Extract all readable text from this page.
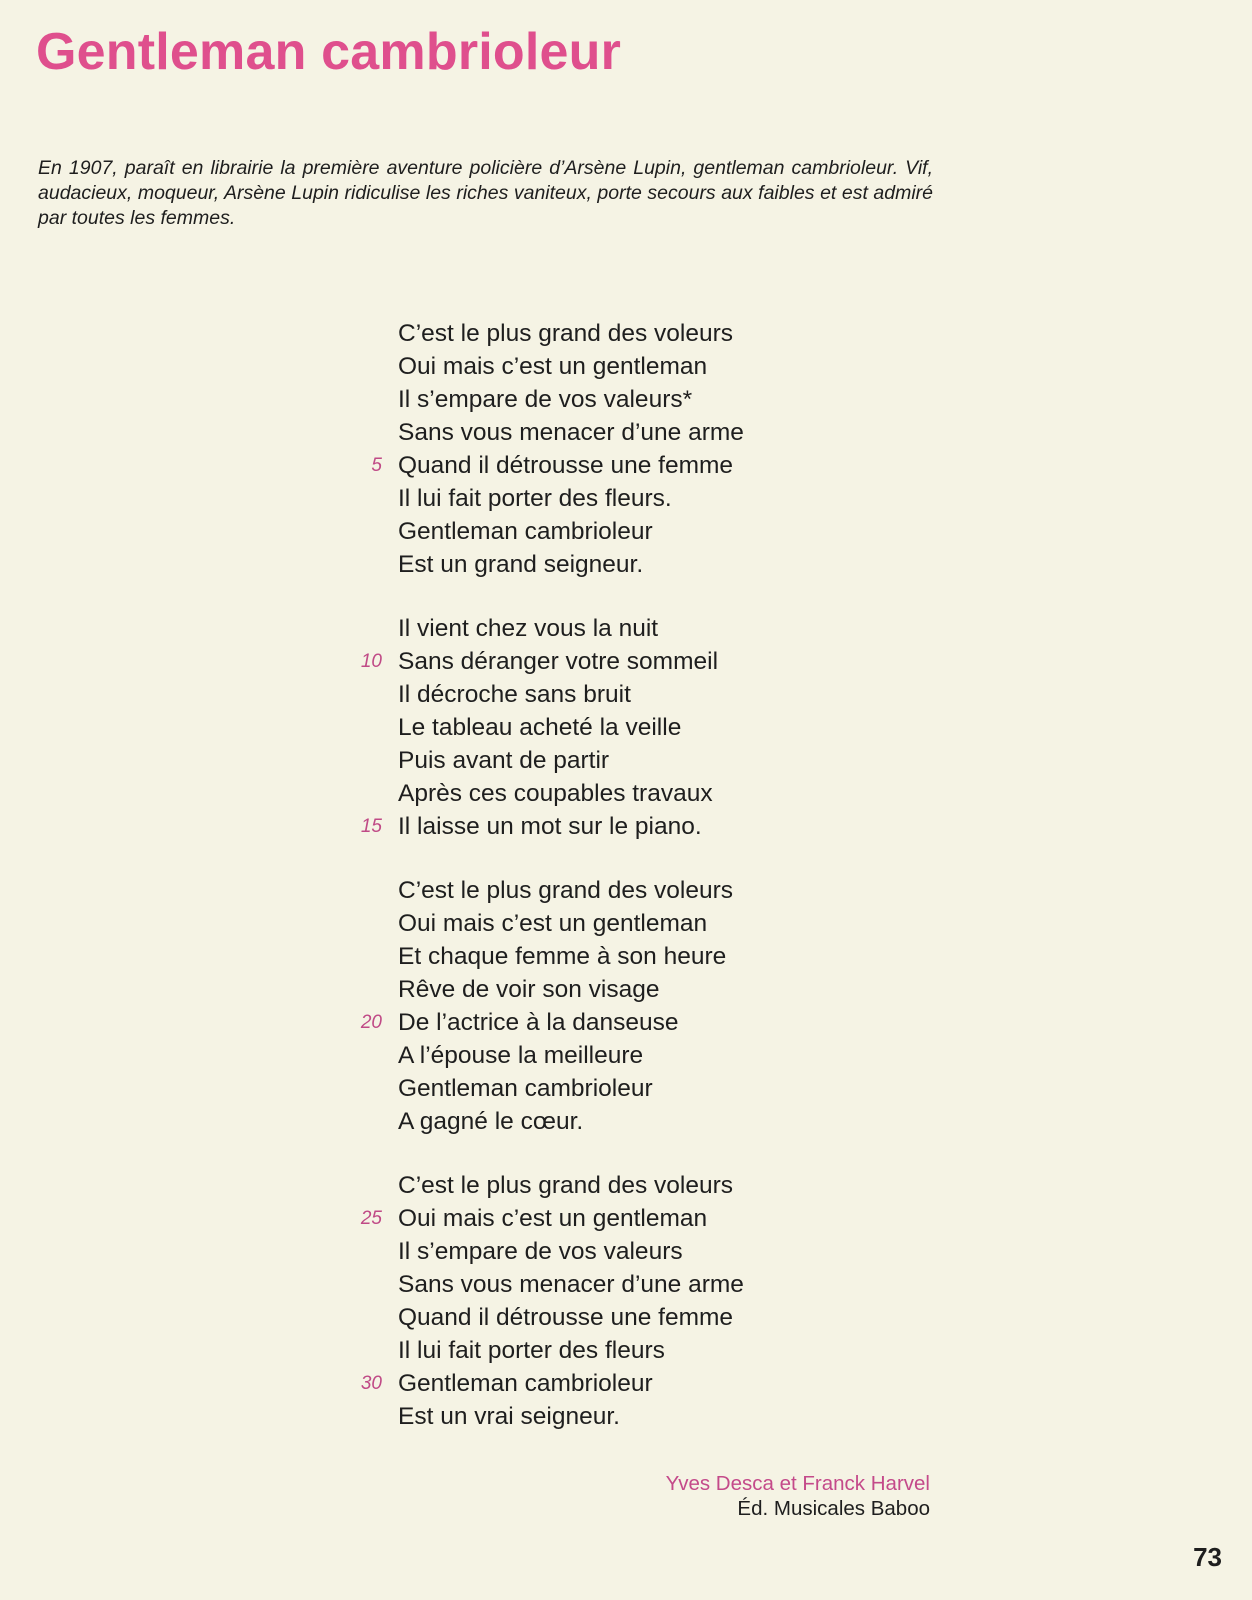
Gentleman cambrioleur

En 1907, paraît en librairie la première aventure policière d’Arsène Lupin, gentleman cambrioleur. Vif, audacieux, moqueur, Arsène Lupin ridiculise les riches vaniteux, porte secours aux faibles et est admiré par toutes les femmes.

C’est le plus grand des voleurs
Oui mais c’est un gentleman
Il s’empare de vos valeurs*
Sans vous menacer d’une arme
5 Quand il détrousse une femme
Il lui fait porter des fleurs.
Gentleman cambrioleur
Est un grand seigneur.
Il vient chez vous la nuit
10 Sans déranger votre sommeil
Il décroche sans bruit
Le tableau acheté la veille
Puis avant de partir
Après ces coupables travaux
15 Il laisse un mot sur le piano.
C’est le plus grand des voleurs
Oui mais c’est un gentleman
Et chaque femme à son heure
Rêve de voir son visage
20 De l’actrice à la danseuse
A l’épouse la meilleure
Gentleman cambrioleur
A gagné le cœur.
C’est le plus grand des voleurs
25 Oui mais c’est un gentleman
Il s’empare de vos valeurs
Sans vous menacer d’une arme
Quand il détrousse une femme
Il lui fait porter des fleurs
30 Gentleman cambrioleur
Est un vrai seigneur.
Yves Desca et Franck Harvel
Éd. Musicales Baboo
73
